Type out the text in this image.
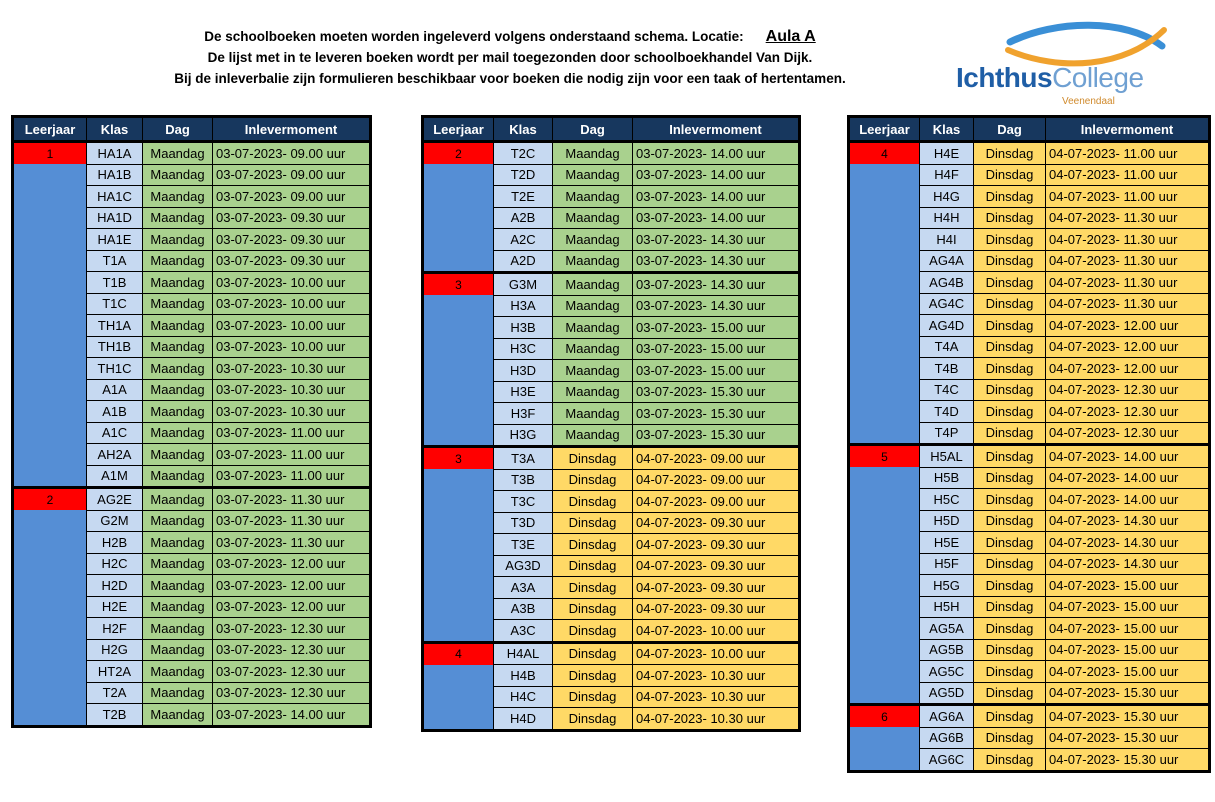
De schoolboeken moeten worden ingeleverd volgens onderstaand schema. Locatie: Aula A
De lijst met in te leveren boeken wordt per mail toegezonden door schoolboekhandel Van Dijk.
Bij de inleverbalie zijn formulieren beschikbaar voor boeken die nodig zijn voor een taak of hertentamen.	IchthusCollege
Veenendaal
Leerjaar	Klas	Dag	Inlevermoment
1	HA1A	Maandag	03-07-2023- 09.00 uur
	HA1B	Maandag	03-07-2023- 09.00 uur
	HA1C	Maandag	03-07-2023- 09.00 uur
	HA1D	Maandag	03-07-2023- 09.30 uur
	HA1E	Maandag	03-07-2023- 09.30 uur
	T1A	Maandag	03-07-2023- 09.30 uur
	T1B	Maandag	03-07-2023- 10.00 uur
	T1C	Maandag	03-07-2023- 10.00 uur
	TH1A	Maandag	03-07-2023- 10.00 uur
	TH1B	Maandag	03-07-2023- 10.00 uur
	TH1C	Maandag	03-07-2023- 10.30 uur
	A1A	Maandag	03-07-2023- 10.30 uur
	A1B	Maandag	03-07-2023- 10.30 uur
	A1C	Maandag	03-07-2023- 11.00 uur
	AH2A	Maandag	03-07-2023- 11.00 uur
	A1M	Maandag	03-07-2023- 11.00 uur
2	AG2E	Maandag	03-07-2023- 11.30 uur
	G2M	Maandag	03-07-2023- 11.30 uur
	H2B	Maandag	03-07-2023- 11.30 uur
	H2C	Maandag	03-07-2023- 12.00 uur
	H2D	Maandag	03-07-2023- 12.00 uur
	H2E	Maandag	03-07-2023- 12.00 uur
	H2F	Maandag	03-07-2023- 12.30 uur
	H2G	Maandag	03-07-2023- 12.30 uur
	HT2A	Maandag	03-07-2023- 12.30 uur
	T2A	Maandag	03-07-2023- 12.30 uur
	T2B	Maandag	03-07-2023- 14.00 uur
Leerjaar	Klas	Dag	Inlevermoment
2	T2C	Maandag	03-07-2023- 14.00 uur
	T2D	Maandag	03-07-2023- 14.00 uur
	T2E	Maandag	03-07-2023- 14.00 uur
	A2B	Maandag	03-07-2023- 14.00 uur
	A2C	Maandag	03-07-2023- 14.30 uur
	A2D	Maandag	03-07-2023- 14.30 uur
3	G3M	Maandag	03-07-2023- 14.30 uur
	H3A	Maandag	03-07-2023- 14.30 uur
	H3B	Maandag	03-07-2023- 15.00 uur
	H3C	Maandag	03-07-2023- 15.00 uur
	H3D	Maandag	03-07-2023- 15.00 uur
	H3E	Maandag	03-07-2023- 15.30 uur
	H3F	Maandag	03-07-2023- 15.30 uur
	H3G	Maandag	03-07-2023- 15.30 uur
3	T3A	Dinsdag	04-07-2023- 09.00 uur
	T3B	Dinsdag	04-07-2023- 09.00 uur
	T3C	Dinsdag	04-07-2023- 09.00 uur
	T3D	Dinsdag	04-07-2023- 09.30 uur
	T3E	Dinsdag	04-07-2023- 09.30 uur
	AG3D	Dinsdag	04-07-2023- 09.30 uur
	A3A	Dinsdag	04-07-2023- 09.30 uur
	A3B	Dinsdag	04-07-2023- 09.30 uur
	A3C	Dinsdag	04-07-2023- 10.00 uur
4	H4AL	Dinsdag	04-07-2023- 10.00 uur
	H4B	Dinsdag	04-07-2023- 10.30 uur
	H4C	Dinsdag	04-07-2023- 10.30 uur
	H4D	Dinsdag	04-07-2023- 10.30 uur
Leerjaar	Klas	Dag	Inlevermoment
4	H4E	Dinsdag	04-07-2023- 11.00 uur
	H4F	Dinsdag	04-07-2023- 11.00 uur
	H4G	Dinsdag	04-07-2023- 11.00 uur
	H4H	Dinsdag	04-07-2023- 11.30 uur
	H4I	Dinsdag	04-07-2023- 11.30 uur
	AG4A	Dinsdag	04-07-2023- 11.30 uur
	AG4B	Dinsdag	04-07-2023- 11.30 uur
	AG4C	Dinsdag	04-07-2023- 11.30 uur
	AG4D	Dinsdag	04-07-2023- 12.00 uur
	T4A	Dinsdag	04-07-2023- 12.00 uur
	T4B	Dinsdag	04-07-2023- 12.00 uur
	T4C	Dinsdag	04-07-2023- 12.30 uur
	T4D	Dinsdag	04-07-2023- 12.30 uur
	T4P	Dinsdag	04-07-2023- 12.30 uur
5	H5AL	Dinsdag	04-07-2023- 14.00 uur
	H5B	Dinsdag	04-07-2023- 14.00 uur
	H5C	Dinsdag	04-07-2023- 14.00 uur
	H5D	Dinsdag	04-07-2023- 14.30 uur
	H5E	Dinsdag	04-07-2023- 14.30 uur
	H5F	Dinsdag	04-07-2023- 14.30 uur
	H5G	Dinsdag	04-07-2023- 15.00 uur
	H5H	Dinsdag	04-07-2023- 15.00 uur
	AG5A	Dinsdag	04-07-2023- 15.00 uur
	AG5B	Dinsdag	04-07-2023- 15.00 uur
	AG5C	Dinsdag	04-07-2023- 15.00 uur
	AG5D	Dinsdag	04-07-2023- 15.30 uur
6	AG6A	Dinsdag	04-07-2023- 15.30 uur
	AG6B	Dinsdag	04-07-2023- 15.30 uur
	AG6C	Dinsdag	04-07-2023- 15.30 uur
